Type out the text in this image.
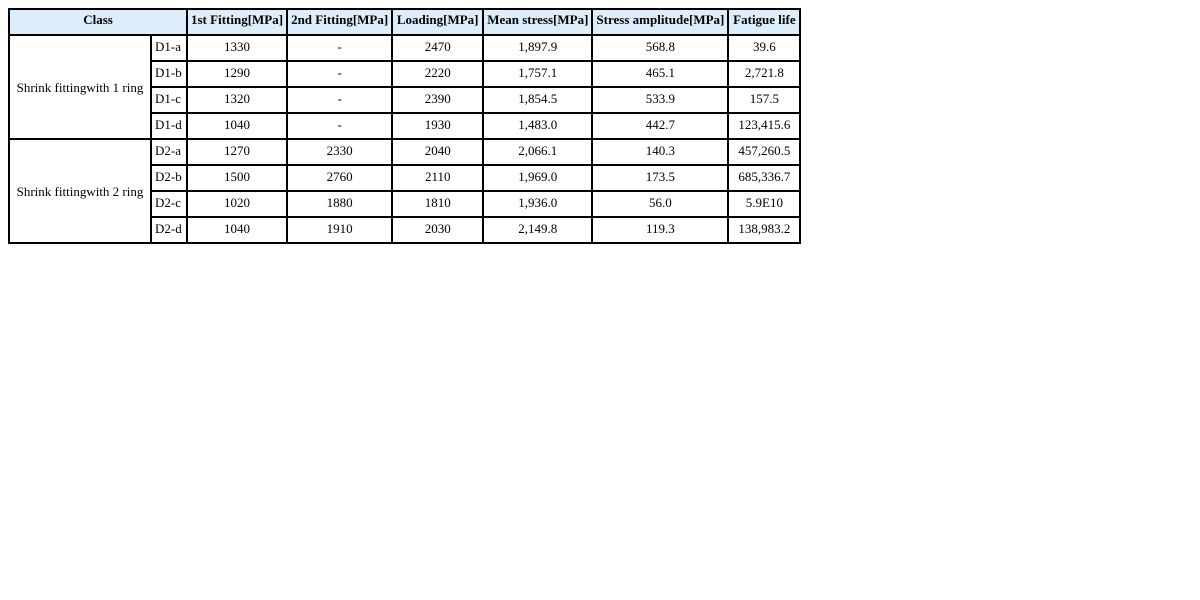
Class		1st Fitting[MPa]	2nd Fitting[MPa]	Loading[MPa]	Mean stress[MPa]	Stress amplitude[MPa]	Fatigue life
Shrink fittingwith 1 ring	D1-a	1330	-	2470	1,897.9	568.8	39.6
	D1-b	1290	-	2220	1,757.1	465.1	2,721.8
	D1-c	1320	-	2390	1,854.5	533.9	157.5
	D1-d	1040	-	1930	1,483.0	442.7	123,415.6
Shrink fittingwith 2 ring	D2-a	1270	2330	2040	2,066.1	140.3	457,260.5
	D2-b	1500	2760	2110	1,969.0	173.5	685,336.7
	D2-c	1020	1880	1810	1,936.0	56.0	5.9E10
	D2-d	1040	1910	2030	2,149.8	119.3	138,983.2
